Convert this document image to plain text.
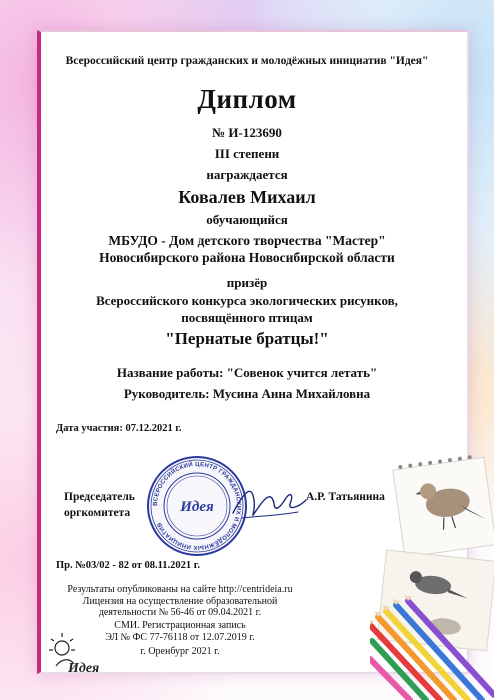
Всероссийский центр гражданских и молодёжных инициатив "Идея"
Диплом
№ И-123690
III степени
награждается
Ковалев Михаил
обучающийся
МБУДО - Дом детского творчества "Мастер"
Новосибирского района Новосибирской области
призёр
Всероссийского конкурса экологических рисунков,
посвящённого птицам
"Пернатые братцы!"
Название работы: "Совенок учится летать"
Руководитель: Мусина Анна Михайловна
Дата участия: 07.12.2021 г.
Председатель
оргкомитета
А.Р. Татьянина
Пр. №03/02 - 82 от 08.11.2021 г.
ВСЕРОССИЙСКИЙ ЦЕНТР ГРАЖДАНСКИХ И МОЛОДЁЖНЫХ ИНИЦИАТИВ
Идея
Результаты опубликованы на сайте http://centrideia.ru
Лицензия на осуществление образовательной
деятельности № 56-46 от 09.04.2021 г.
СМИ. Регистрационная запись
ЭЛ № ФС 77-76118 от 12.07.2019 г.
г. Оренбург 2021 г.
Идея
